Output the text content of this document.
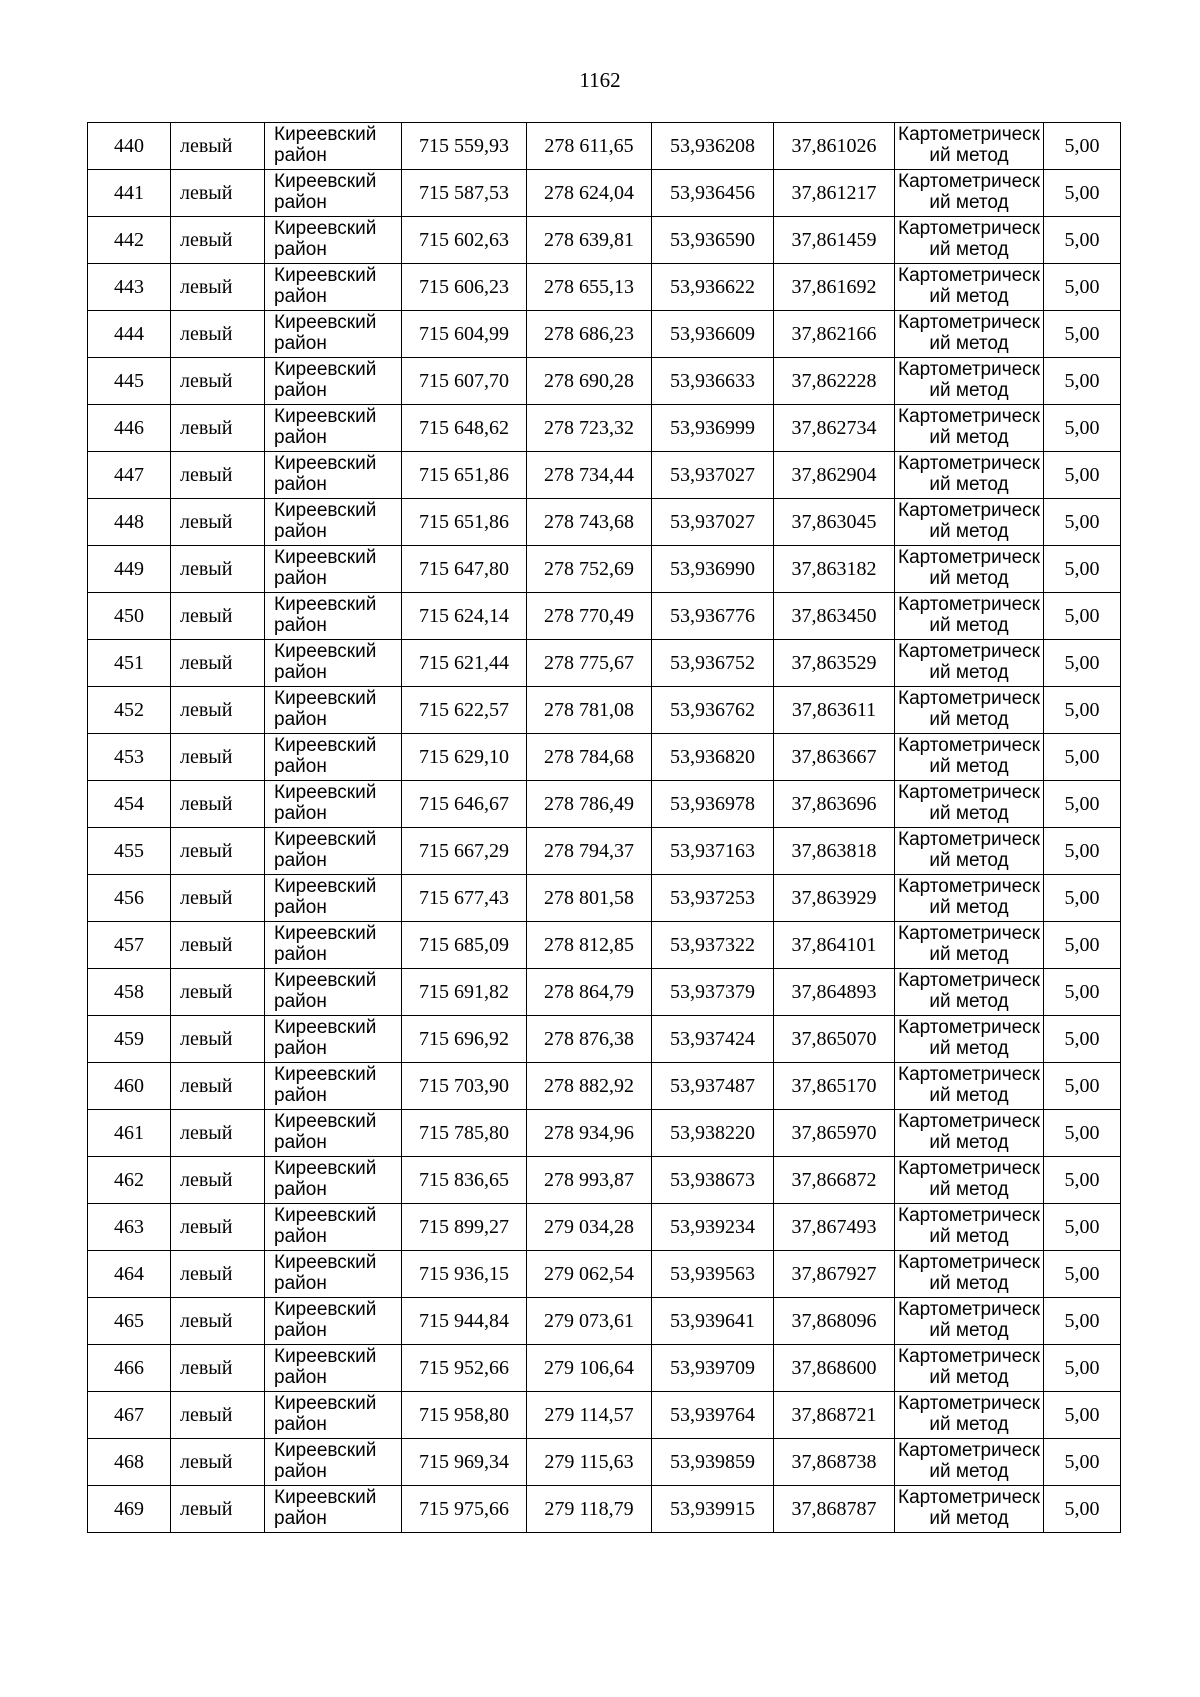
1162
440	левый	Киреевский район	715 559,93	278 611,65	53,936208	37,861026	Картометрическ ий метод	5,00
441	левый	Киреевский район	715 587,53	278 624,04	53,936456	37,861217	Картометрическ ий метод	5,00
442	левый	Киреевский район	715 602,63	278 639,81	53,936590	37,861459	Картометрическ ий метод	5,00
443	левый	Киреевский район	715 606,23	278 655,13	53,936622	37,861692	Картометрическ ий метод	5,00
444	левый	Киреевский район	715 604,99	278 686,23	53,936609	37,862166	Картометрическ ий метод	5,00
445	левый	Киреевский район	715 607,70	278 690,28	53,936633	37,862228	Картометрическ ий метод	5,00
446	левый	Киреевский район	715 648,62	278 723,32	53,936999	37,862734	Картометрическ ий метод	5,00
447	левый	Киреевский район	715 651,86	278 734,44	53,937027	37,862904	Картометрическ ий метод	5,00
448	левый	Киреевский район	715 651,86	278 743,68	53,937027	37,863045	Картометрическ ий метод	5,00
449	левый	Киреевский район	715 647,80	278 752,69	53,936990	37,863182	Картометрическ ий метод	5,00
450	левый	Киреевский район	715 624,14	278 770,49	53,936776	37,863450	Картометрическ ий метод	5,00
451	левый	Киреевский район	715 621,44	278 775,67	53,936752	37,863529	Картометрическ ий метод	5,00
452	левый	Киреевский район	715 622,57	278 781,08	53,936762	37,863611	Картометрическ ий метод	5,00
453	левый	Киреевский район	715 629,10	278 784,68	53,936820	37,863667	Картометрическ ий метод	5,00
454	левый	Киреевский район	715 646,67	278 786,49	53,936978	37,863696	Картометрическ ий метод	5,00
455	левый	Киреевский район	715 667,29	278 794,37	53,937163	37,863818	Картометрическ ий метод	5,00
456	левый	Киреевский район	715 677,43	278 801,58	53,937253	37,863929	Картометрическ ий метод	5,00
457	левый	Киреевский район	715 685,09	278 812,85	53,937322	37,864101	Картометрическ ий метод	5,00
458	левый	Киреевский район	715 691,82	278 864,79	53,937379	37,864893	Картометрическ ий метод	5,00
459	левый	Киреевский район	715 696,92	278 876,38	53,937424	37,865070	Картометрическ ий метод	5,00
460	левый	Киреевский район	715 703,90	278 882,92	53,937487	37,865170	Картометрическ ий метод	5,00
461	левый	Киреевский район	715 785,80	278 934,96	53,938220	37,865970	Картометрическ ий метод	5,00
462	левый	Киреевский район	715 836,65	278 993,87	53,938673	37,866872	Картометрическ ий метод	5,00
463	левый	Киреевский район	715 899,27	279 034,28	53,939234	37,867493	Картометрическ ий метод	5,00
464	левый	Киреевский район	715 936,15	279 062,54	53,939563	37,867927	Картометрическ ий метод	5,00
465	левый	Киреевский район	715 944,84	279 073,61	53,939641	37,868096	Картометрическ ий метод	5,00
466	левый	Киреевский район	715 952,66	279 106,64	53,939709	37,868600	Картометрическ ий метод	5,00
467	левый	Киреевский район	715 958,80	279 114,57	53,939764	37,868721	Картометрическ ий метод	5,00
468	левый	Киреевский район	715 969,34	279 115,63	53,939859	37,868738	Картометрическ ий метод	5,00
469	левый	Киреевский район	715 975,66	279 118,79	53,939915	37,868787	Картометрическ ий метод	5,00
